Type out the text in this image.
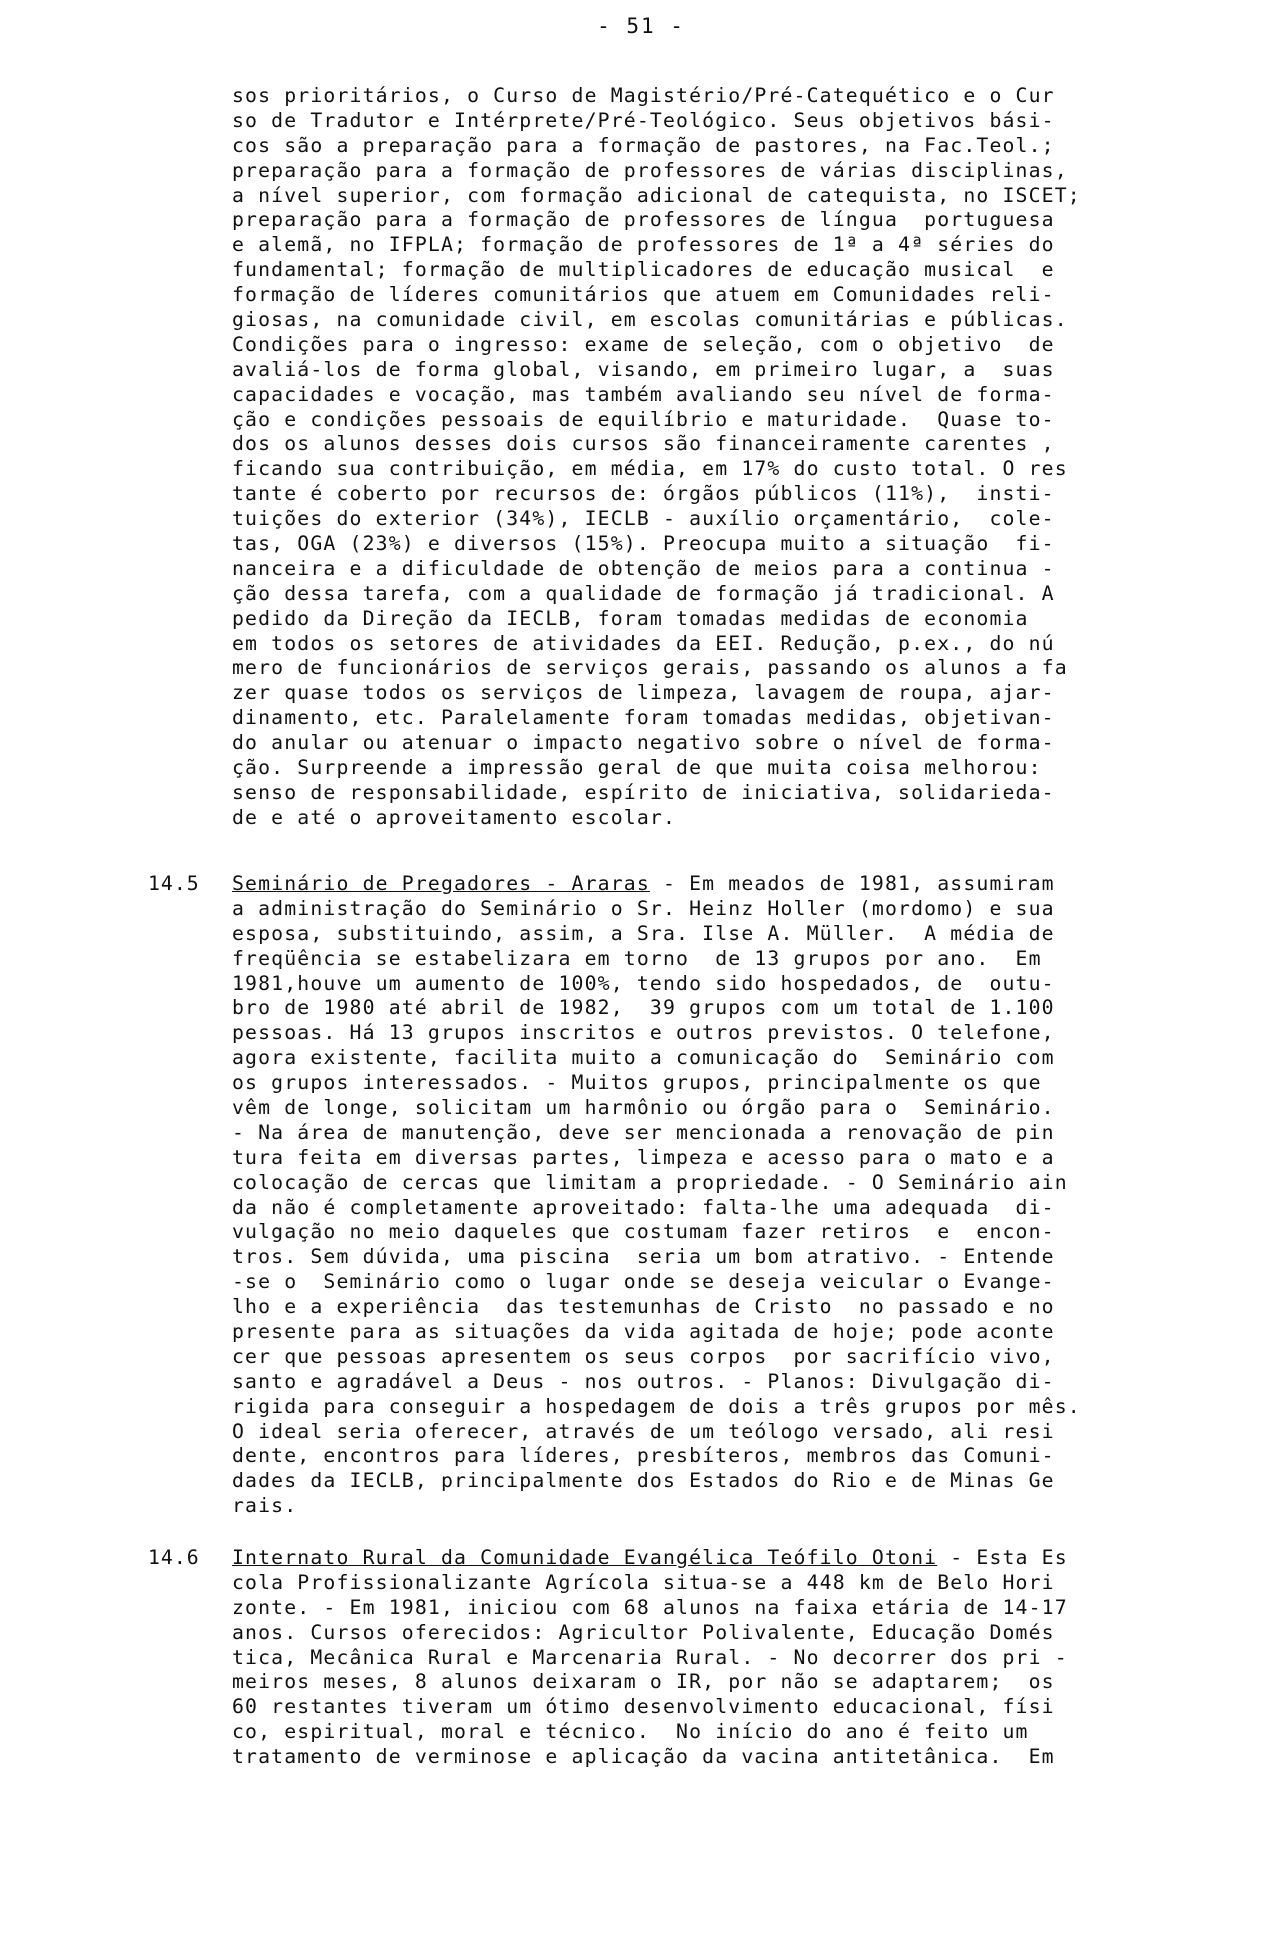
- 51 -
sos prioritários, o Curso de Magistério/Pré-Catequético e o Cur
so de Tradutor e Intérprete/Pré-Teológico. Seus objetivos bási-
cos são a preparação para a formação de pastores, na Fac.Teol.;
preparação para a formação de professores de várias disciplinas,
a nível superior, com formação adicional de catequista, no ISCET;
preparação para a formação de professores de língua  portuguesa
e alemã, no IFPLA; formação de professores de 1ª a 4ª séries do
fundamental; formação de multiplicadores de educação musical  e
formação de líderes comunitários que atuem em Comunidades reli-
giosas, na comunidade civil, em escolas comunitárias e públicas.
Condições para o ingresso: exame de seleção, com o objetivo  de
avaliá-los de forma global, visando, em primeiro lugar, a  suas
capacidades e vocação, mas também avaliando seu nível de forma-
ção e condições pessoais de equilíbrio e maturidade.  Quase to-
dos os alunos desses dois cursos são financeiramente carentes ,
ficando sua contribuição, em média, em 17% do custo total. O res
tante é coberto por recursos de: órgãos públicos (11%),  insti-
tuições do exterior (34%), IECLB - auxílio orçamentário,  cole-
tas, OGA (23%) e diversos (15%). Preocupa muito a situação  fi-
nanceira e a dificuldade de obtenção de meios para a continua -
ção dessa tarefa, com a qualidade de formação já tradicional. A
pedido da Direção da IECLB, foram tomadas medidas de economia
em todos os setores de atividades da EEI. Redução, p.ex., do nú
mero de funcionários de serviços gerais, passando os alunos a fa
zer quase todos os serviços de limpeza, lavagem de roupa, ajar-
dinamento, etc. Paralelamente foram tomadas medidas, objetivan-
do anular ou atenuar o impacto negativo sobre o nível de forma-
ção. Surpreende a impressão geral de que muita coisa melhorou:
senso de responsabilidade, espírito de iniciativa, solidarieda-
de e até o aproveitamento escolar.
14.5 Seminário de Pregadores - Araras - Em meados de 1981, assumiram
a administração do Seminário o Sr. Heinz Holler (mordomo) e sua
esposa, substituindo, assim, a Sra. Ilse A. Müller.  A média de
freqüência se estabelizara em torno  de 13 grupos por ano.  Em
1981,houve um aumento de 100%, tendo sido hospedados, de  outu-
bro de 1980 até abril de 1982,  39 grupos com um total de 1.100
pessoas. Há 13 grupos inscritos e outros previstos. O telefone,
agora existente, facilita muito a comunicação do  Seminário com
os grupos interessados. - Muitos grupos, principalmente os que
vêm de longe, solicitam um harmônio ou órgão para o  Seminário.
- Na área de manutenção, deve ser mencionada a renovação de pin
tura feita em diversas partes, limpeza e acesso para o mato e a
colocação de cercas que limitam a propriedade. - O Seminário ain
da não é completamente aproveitado: falta-lhe uma adequada  di-
vulgação no meio daqueles que costumam fazer retiros  e  encon-
tros. Sem dúvida, uma piscina  seria um bom atrativo. - Entende
-se o  Seminário como o lugar onde se deseja veicular o Evange-
lho e a experiência  das testemunhas de Cristo  no passado e no
presente para as situações da vida agitada de hoje; pode aconte
cer que pessoas apresentem os seus corpos  por sacrifício vivo,
santo e agradável a Deus - nos outros. - Planos: Divulgação di-
rigida para conseguir a hospedagem de dois a três grupos por mês.
O ideal seria oferecer, através de um teólogo versado, ali resi
dente, encontros para líderes, presbíteros, membros das Comuni-
dades da IECLB, principalmente dos Estados do Rio e de Minas Ge
rais.
14.6 Internato Rural da Comunidade Evangélica Teófilo Otoni - Esta Es
cola Profissionalizante Agrícola situa-se a 448 km de Belo Hori
zonte. - Em 1981, iniciou com 68 alunos na faixa etária de 14-17
anos. Cursos oferecidos: Agricultor Polivalente, Educação Domés
tica, Mecânica Rural e Marcenaria Rural. - No decorrer dos pri -
meiros meses, 8 alunos deixaram o IR, por não se adaptarem;  os
60 restantes tiveram um ótimo desenvolvimento educacional, físi
co, espiritual, moral e técnico.  No início do ano é feito um
tratamento de verminose e aplicação da vacina antitetânica.  Em
